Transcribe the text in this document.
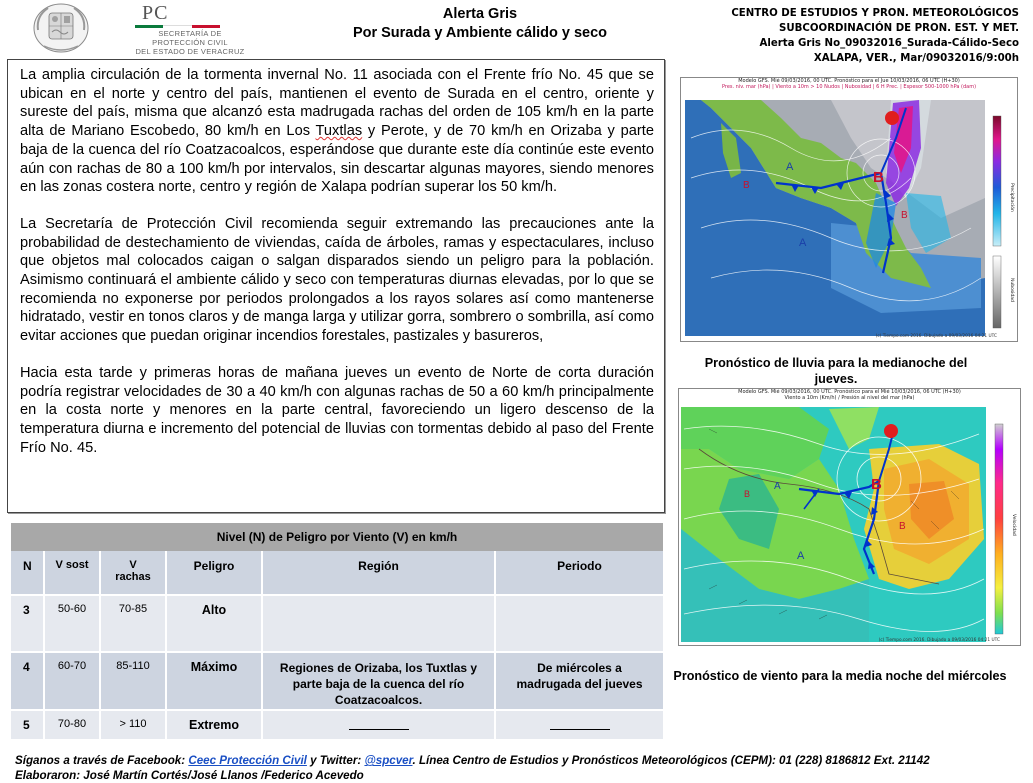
PC
SECRETARÍA DE
PROTECCIÓN CIVIL
DEL ESTADO DE VERACRUZ
Alerta Gris
Por Surada y Ambiente cálido y seco
CENTRO DE ESTUDIOS Y PRON. METEOROLÓGICOS
SUBCOORDINACIÓN DE PRON. EST. Y MET.
Alerta Gris No_09032016_Surada-Cálido-Seco
XALAPA, VER., Mar/09032016/9:00h

La amplia circulación de la tormenta invernal No. 11 asociada con el Frente frío No. 45 que se ubican en el norte y centro del país, mantienen el evento de Surada en el centro, oriente y sureste del país, misma que alcanzó esta madrugada rachas del orden de 105 km/h en la parte alta de Mariano Escobedo, 80 km/h en Los Tuxtlas y Perote, y de 70 km/h en Orizaba y parte baja de la cuenca del río Coatzacoalcos, esperándose que durante este día continúe este evento aún con rachas de 80 a 100 km/h por intervalos, sin descartar algunas mayores, siendo menores en las zonas costera norte, centro y región de Xalapa podrían superar los 50 km/h.

La Secretaría de Protección Civil recomienda seguir extremando las precauciones ante la probabilidad de destechamiento de viviendas, caída de árboles, ramas y espectaculares, incluso que objetos mal colocados caigan o salgan disparados siendo un peligro para la población. Asimismo continuará el ambiente cálido y seco con temperaturas diurnas elevadas, por lo que se recomienda no exponerse por periodos prolongados a los rayos solares así como mantenerse hidratado, vestir en tonos claros y de manga larga y utilizar gorra, sombrero o sombrilla, así como evitar acciones que puedan originar incendios forestales, pastizales y basureros,

Hacia esta tarde y primeras horas de mañana jueves un evento de Norte de corta duración podría registrar velocidades de 30 a 40 km/h con algunas rachas de 50 a 60 km/h principalmente en la costa norte y menores en la parte central, favoreciendo un ligero descenso de la temperatura diurna e incremento del potencial de lluvias con tormentas debido al paso del Frente Frío No. 45.

Nivel (N) de Peligro por Viento (V) en km/h					
N	V sost	V
rachas	Peligro	Región	Periodo
3	50-60	70-85	Alto		
4	60-70	85-110	Máximo	Regiones de Orizaba, los Tuxtlas y parte baja de la cuenca del río Coatzacoalcos.	De miércoles a madrugada del jueves
5	70-80	> 110	Extremo		
Modelo GFS. Mié 09/03/2016, 00 UTC. Pronóstico para el Jue 10/03/2016, 06 UTC (H+30)
Pres. niv. mar (hPa) | Viento a 10m > 10 Nudos | Nubosidad | 6 H Prec. | Espesor 500-1000 hPa (dam)
B
B
A
A
B
Precipitación
Nubosidad
(c) Tiempo.com 2016. Dibujado a 09/03/2016 04:21 UTC
Pronóstico de lluvia para la medianoche del jueves.
Modelo GFS. Mié 09/03/2016, 00 UTC. Pronóstico para el Mié 10/03/2016, 06 UTC (H+30)
Viento a 10m (Km/h) / Presión al nivel del mar (hPa)
B
B
B
A
A
Velocidad
(c) Tiempo.com 2016. Dibujado a 09/03/2016 04:21 UTC
Pronóstico de viento para la media noche del miércoles
Síganos a través de Facebook: Ceec Protección Civil y Twitter: @spcver. Línea Centro de Estudios y Pronósticos Meteorológicos (CEPM): 01 (228) 8186812 Ext. 21142
Elaboraron: José Martín Cortés/José Llanos /Federico Acevedo
